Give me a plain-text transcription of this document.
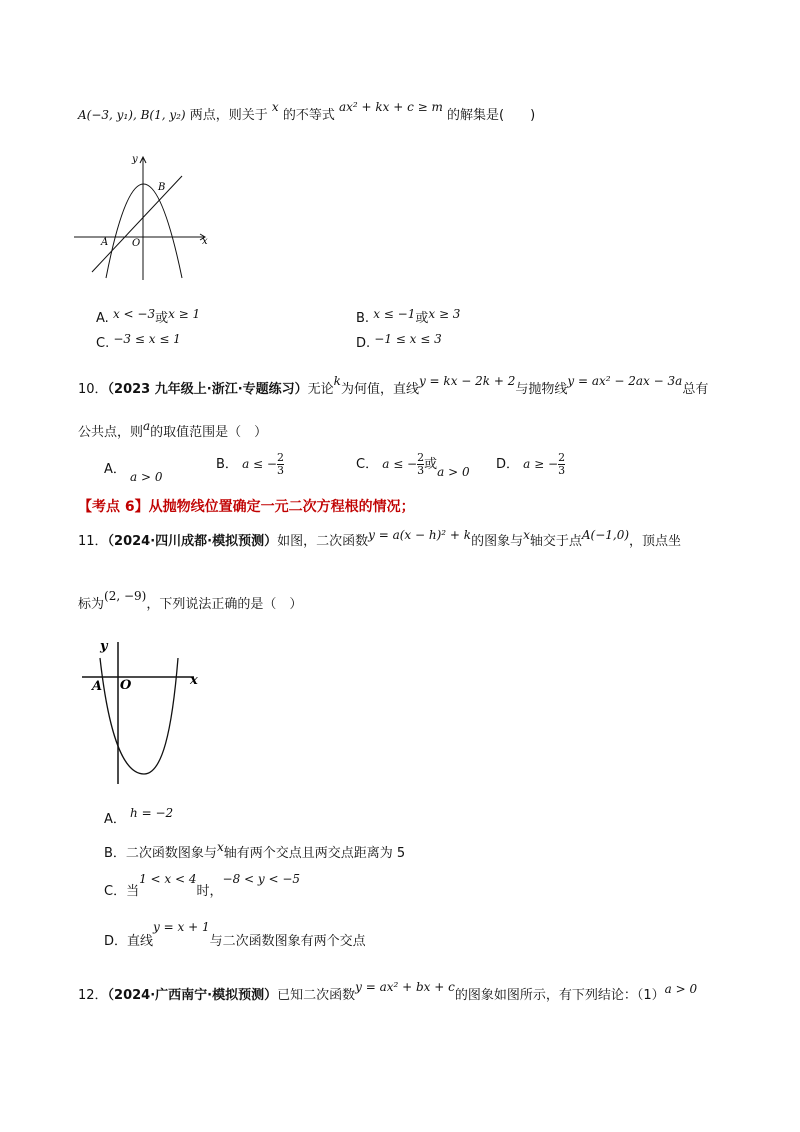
A(−3, y₁), B(1, y₂) 两点，则关于 x 的不等式 ax² + kx + c ≥ m 的解集是(　　)
y
x
O
A
B
A. x < −3或x ≥ 1	B. x ≤ −1或x ≥ 3
C. −3 ≤ x ≤ 1	D. −1 ≤ x ≤ 3
10．（2023 九年级上·浙江·专题练习）无论k为何值，直线y = kx − 2k + 2与抛物线y = ax² − 2ax − 3a总有
公共点，则a的取值范围是（　）
A． a > 0
B． a ≤ − $\frac{2}{3}$	C． a ≤ − $\frac{2}{3}$ 或a > 0 D． a ≥ − $\frac{2}{3}$
【考点 6】从抛物线位置确定一元二次方程根的情况；
11．（2024·四川成都·模拟预测）如图，二次函数y = a(x − h)² + k的图象与x轴交于点A(−1,0)，顶点坐
标为(2, −9)，下列说法正确的是（　）
y
x
O
A
A． h = −2
B．二次函数图象与x轴有两个交点且两交点距离为 5
C．当1 < x < 4时，−8 < y < −5
D．直线y = x + 1与二次函数图象有两个交点
12．（2024·广西南宁·模拟预测）已知二次函数y = ax² + bx + c的图象如图所示，有下列结论：（1）a > 0
